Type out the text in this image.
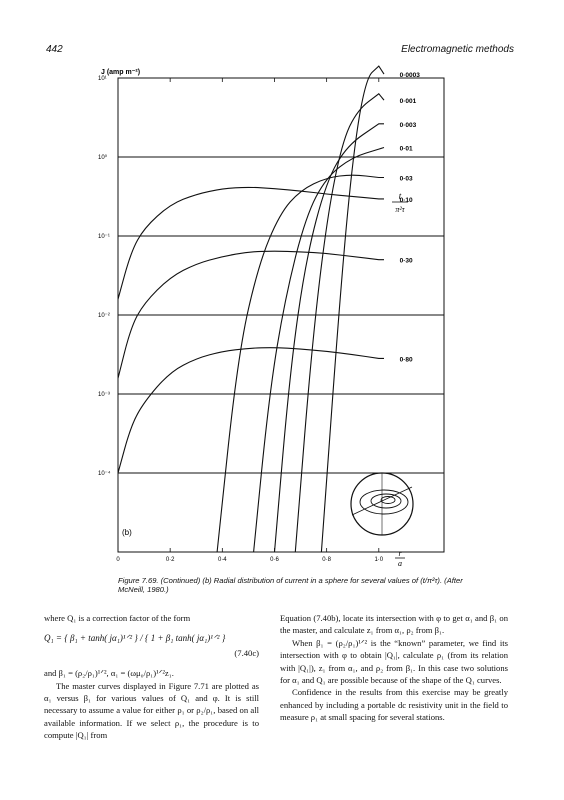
442	Electromagnetic methods
10¹
10⁰
10⁻¹
10⁻²
10⁻³
10⁻⁴
0	0·2	0·4	0·6	0·8	1·0
0·0003
0·001
0·003
0·01
0·03
0·10
0·30
0·80
J (amp m⁻²)
(b)
t
π²τ
r
a
Figure 7.69. (Continued) (b) Radial distribution of current in a sphere for several values of (t/π²τ). (After McNeill, 1980.)

where Q₁ is a correction factor of the form

Q₁ = { β₁ + tanh( jα₁)¹ᐟ² } / { 1 + β₁ tanh( jα₁)¹ᐟ² }
(7.40c)

and β₁ = (ρ₂/ρ₁)¹ᐟ², α₁ = (ωμ₀/ρ₁)¹ᐟ²z₁.

The master curves displayed in Figure 7.71 are plotted as α₁ versus β₁ for various values of Q₁ and φ. It is still necessary to assume a value for either ρ₁ or ρ₂/ρ₁, based on all available information. If we select ρ₁, the procedure is to compute |Q₁| from

Equation (7.40b), locate its intersection with φ to get α₁ and β₁ on the master, and calculate z₁ from α₁, ρ₂ from β₁.

When β₁ = (ρ₂/ρ₁)¹ᐟ² is the “known” parameter, we find its intersection with φ to obtain |Q₁|, calculate ρ₁ (from its relation with |Q₁|), z₁ from α₁, and ρ₂ from β₁. In this case two solutions for α₁ and Q₁ are possible because of the shape of the Q₁ curves.

Confidence in the results from this exercise may be greatly enhanced by including a portable dc resistivity unit in the field to measure ρ₁ at small spacing for several stations.
